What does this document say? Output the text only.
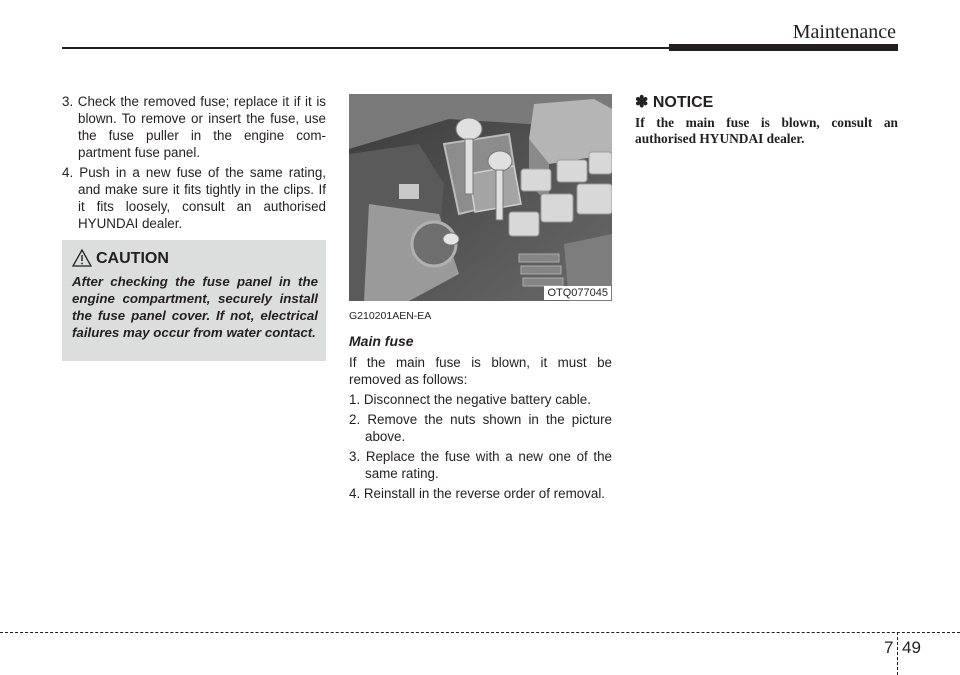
Maintenance
3. Check the removed fuse; replace it if it is blown. To remove or insert the fuse, use the fuse puller in the engine com-partment fuse panel.
4. Push in a new fuse of the same rating, and make sure it fits tightly in the clips. If it fits loosely, consult an authorised HYUNDAI dealer.
CAUTION
After checking the fuse panel in the engine compartment, securely install the fuse panel cover. If not, electrical failures may occur from water contact.
OTQ077045
G210201AEN-EA
Main fuse

If the main fuse is blown, it must be removed as follows:

1. Disconnect the negative battery cable.
2. Remove the nuts shown in the picture above.
3. Replace the fuse with a new one of the same rating.
4. Reinstall in the reverse order of removal.
✽ NOTICE
If the main fuse is blown, consult an authorised HYUNDAI dealer.
7 49
